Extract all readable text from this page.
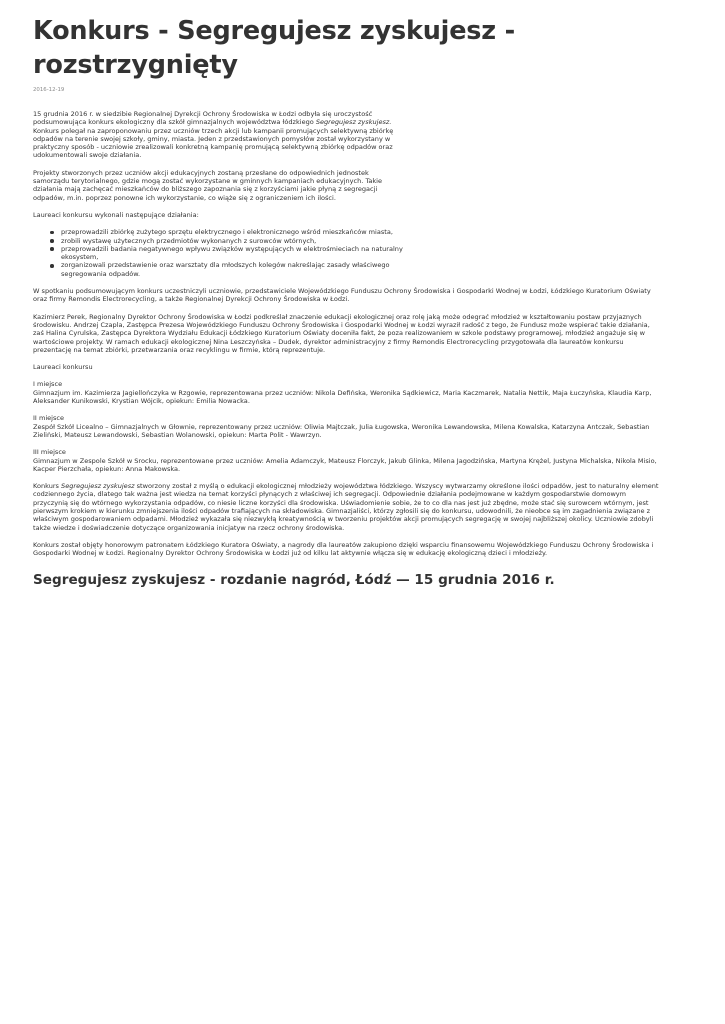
Konkurs - Segregujesz zyskujesz - rozstrzygnięty
2016-12-19

15 grudnia 2016 r. w siedzibie Regionalnej Dyrekcji Ochrony Środowiska w Łodzi odbyła się uroczystość podsumowująca konkurs ekologiczny dla szkół gimnazjalnych województwa łódzkiego Segregujesz zyskujesz. Konkurs polegał na zaproponowaniu przez uczniów trzech akcji lub kampanii promujących selektywną zbiórkę odpadów na terenie swojej szkoły, gminy, miasta. Jeden z przedstawionych pomysłów został wykorzystany w praktyczny sposób - uczniowie zrealizowali konkretną kampanię promującą selektywną zbiórkę odpadów oraz udokumentowali swoje działania.

Projekty stworzonych przez uczniów akcji edukacyjnych zostaną przesłane do odpowiednich jednostek samorządu terytorialnego, gdzie mogą zostać wykorzystane w gminnych kampaniach edukacyjnych. Takie działania mają zachęcać mieszkańców do bliższego zapoznania się z korzyściami jakie płyną z segregacji odpadów, m.in. poprzez ponowne ich wykorzystanie, co wiąże się z ograniczeniem ich ilości.

Laureaci konkursu wykonali następujące działania:

przeprowadzili zbiórkę zużytego sprzętu elektrycznego i elektronicznego wśród mieszkańców miasta,
zrobili wystawę użytecznych przedmiotów wykonanych z surowców wtórnych,
przeprowadzili badania negatywnego wpływu związków występujących w elektrośmieciach na naturalny ekosystem,
zorganizowali przedstawienie oraz warsztaty dla młodszych kolegów nakreślając zasady właściwego segregowania odpadów.

W spotkaniu podsumowującym konkurs uczestniczyli uczniowie, przedstawiciele Wojewódzkiego Funduszu Ochrony Środowiska i Gospodarki Wodnej w Łodzi, Łódzkiego Kuratorium Oświaty oraz firmy Remondis Electrorecycling, a także Regionalnej Dyrekcji Ochrony Środowiska w Łodzi.

Kazimierz Perek, Regionalny Dyrektor Ochrony Środowiska w Łodzi podkreślał znaczenie edukacji ekologicznej oraz rolę jaką może odegrać młodzież w kształtowaniu postaw przyjaznych środowisku. Andrzej Czapla, Zastępca Prezesa Wojewódzkiego Funduszu Ochrony Środowiska i Gospodarki Wodnej w Łodzi wyraził radość z tego, że Fundusz może wspierać takie działania, zaś Halina Cyrulska, Zastępca Dyrektora Wydziału Edukacji Łódzkiego Kuratorium Oświaty doceniła fakt, że poza realizowaniem w szkole podstawy programowej, młodzież angażuje się w wartościowe projekty. W ramach edukacji ekologicznej Nina Leszczyńska – Dudek, dyrektor administracyjny z firmy Remondis Electrorecycling przygotowała dla laureatów konkursu prezentację na temat zbiórki, przetwarzania oraz recyklingu w firmie, którą reprezentuje.

Laureaci konkursu

I miejsce
Gimnazjum im. Kazimierza Jagiellończyka w Rzgowie, reprezentowana przez uczniów: Nikola Defińska, Weronika Sądkiewicz, Maria Kaczmarek, Natalia Nettik, Maja Łuczyńska, Klaudia Karp, Aleksander Kunikowski, Krystian Wójcik, opiekun: Emilia Nowacka.
II miejsce
Zespół Szkół Licealno – Gimnazjalnych w Głownie, reprezentowany przez uczniów: Oliwia Majtczak, Julia Ługowska, Weronika Lewandowska, Milena Kowalska, Katarzyna Antczak, Sebastian Zieliński, Mateusz Lewandowski, Sebastian Wolanowski, opiekun: Marta Polit - Wawrzyn.
III miejsce
Gimnazjum w Zespole Szkół w Srocku, reprezentowane przez uczniów: Amelia Adamczyk, Mateusz Florczyk, Jakub Glinka, Milena Jagodzińska, Martyna Krężel, Justyna Michalska, Nikola Misio, Kacper Pierzchała, opiekun: Anna Makowska.

Konkurs Segregujesz zyskujesz stworzony został z myślą o edukacji ekologicznej młodzieży województwa łódzkiego. Wszyscy wytwarzamy określone ilości odpadów, jest to naturalny element codziennego życia, dlatego tak ważna jest wiedza na temat korzyści płynących z właściwej ich segregacji. Odpowiednie działania podejmowane w każdym gospodarstwie domowym przyczynią się do wtórnego wykorzystania odpadów, co niesie liczne korzyści dla środowiska. Uświadomienie sobie, że to co dla nas jest już zbędne, może stać się surowcem wtórnym, jest pierwszym krokiem w kierunku zmniejszenia ilości odpadów trafiających na składowiska. Gimnazjaliści, którzy zgłosili się do konkursu, udowodnili, że nieobce są im zagadnienia związane z właściwym gospodarowaniem odpadami. Młodzież wykazała się niezwykłą kreatywnością w tworzeniu projektów akcji promujących segregację w swojej najbliższej okolicy. Uczniowie zdobyli także wiedze i doświadczenie dotyczące organizowania inicjatyw na rzecz ochrony środowiska.

Konkurs został objęty honorowym patronatem Łódzkiego Kuratora Oświaty, a nagrody dla laureatów zakupiono dzięki wsparciu finansowemu Wojewódzkiego Funduszu Ochrony Środowiska i Gospodarki Wodnej w Łodzi. Regionalny Dyrektor Ochrony Środowiska w Łodzi już od kilku lat aktywnie włącza się w edukację ekologiczną dzieci i młodzieży.

Segregujesz zyskujesz - rozdanie nagród, Łódź — 15 grudnia 2016 r.
